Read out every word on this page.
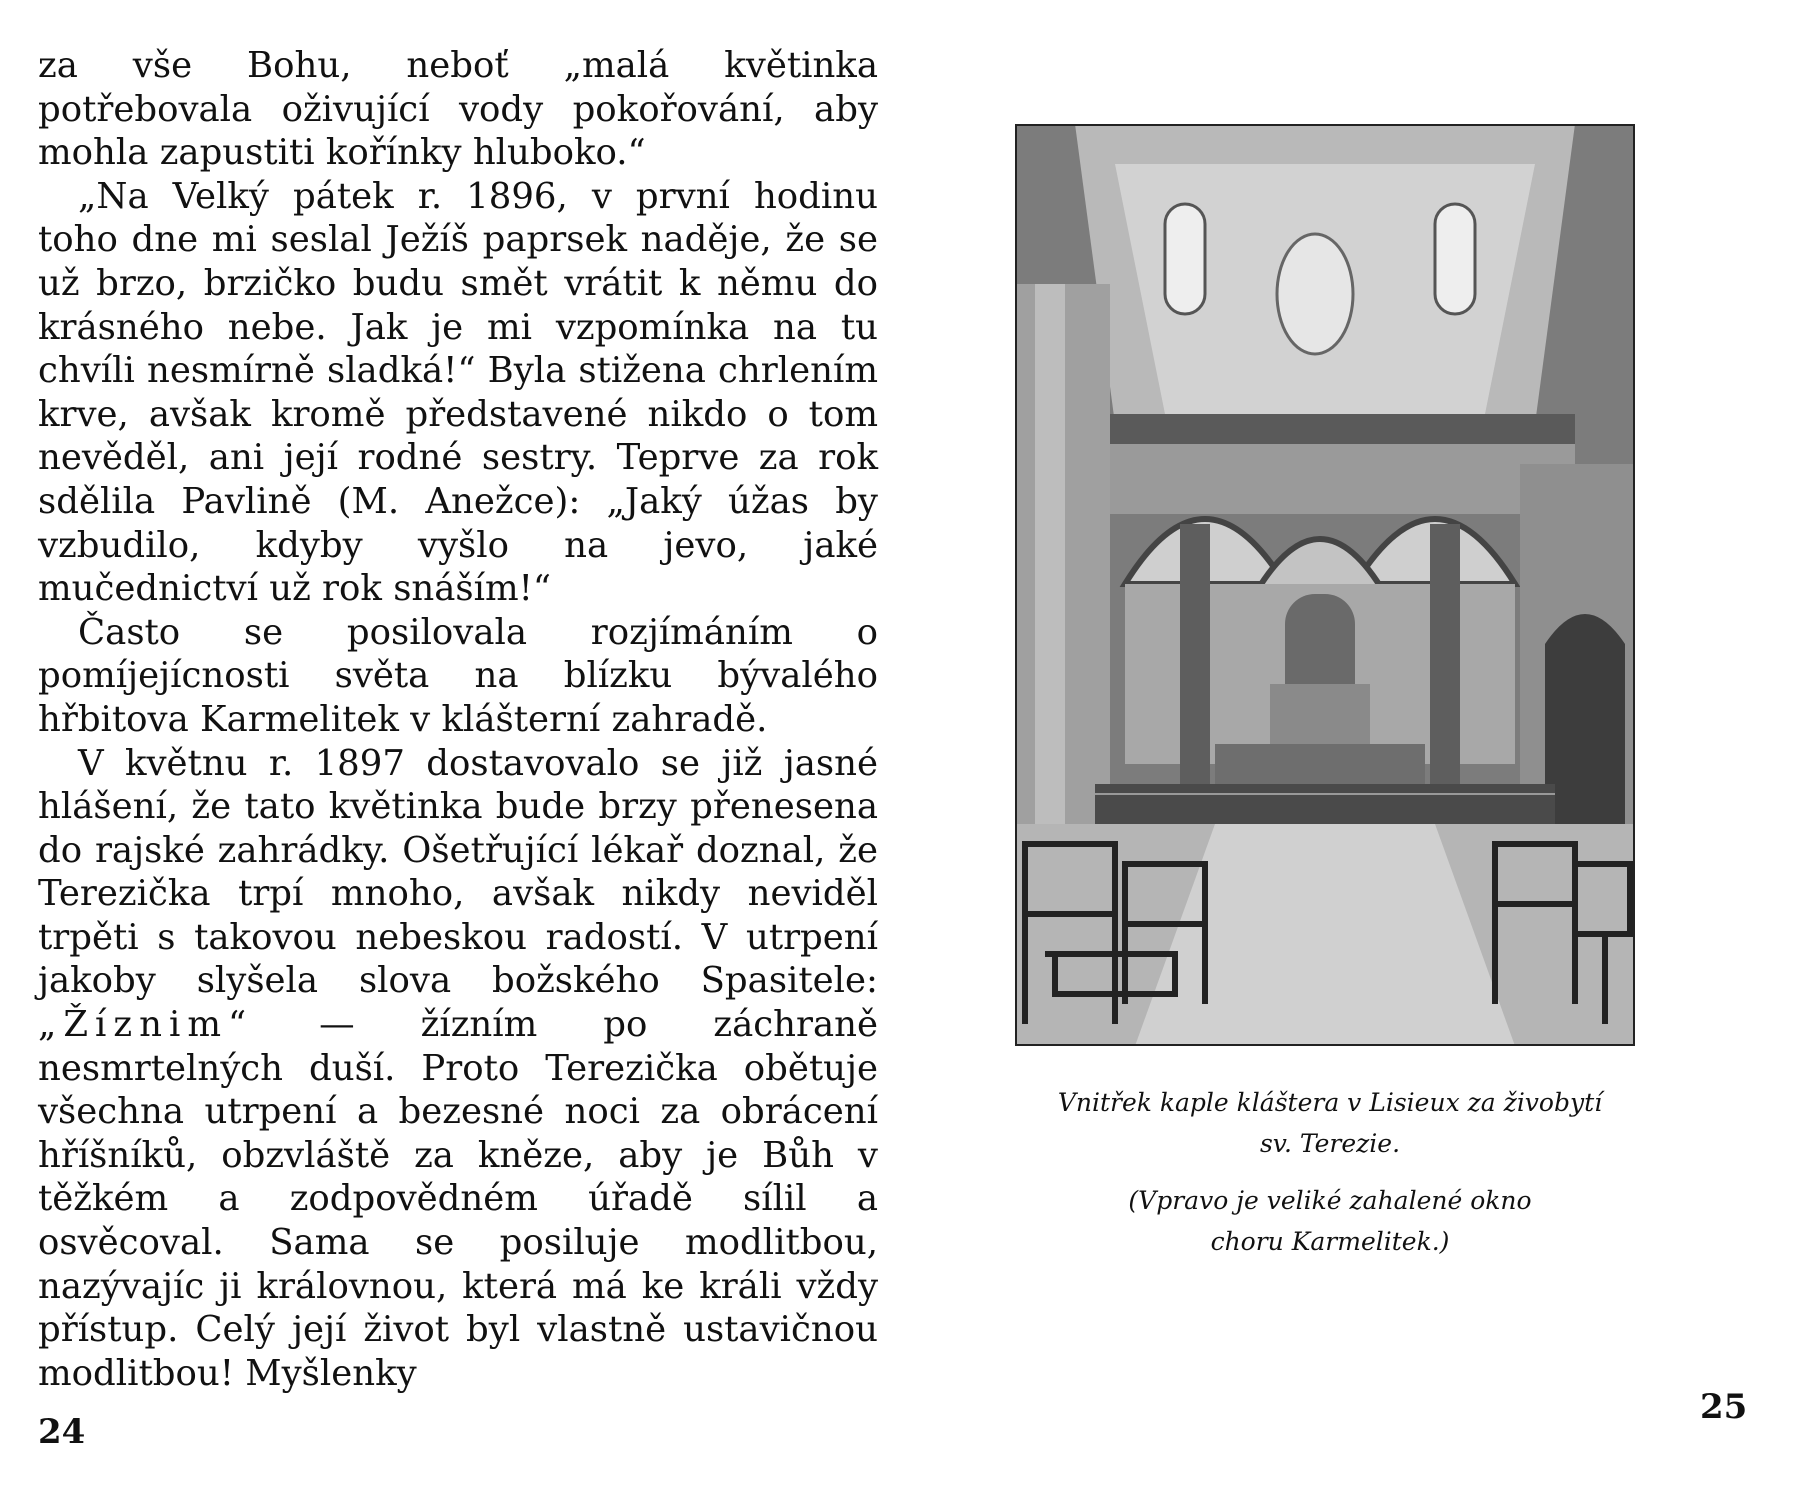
za vše Bohu, neboť „malá květinka potřebovala oživující vody pokořování, aby mohla zapustiti kořínky hluboko.“

„Na Velký pátek r. 1896, v první hodinu toho dne mi seslal Ježíš paprsek naděje, že se už brzo, brzičko budu smět vrátit k němu do krásného nebe. Jak je mi vzpomínka na tu chvíli nesmírně sladká!“ Byla stižena chrlením krve, avšak kromě představené nikdo o tom nevěděl, ani její rodné sestry. Teprve za rok sdělila Pavlině (M. Anežce): „Jaký úžas by vzbudilo, kdyby vyšlo na jevo, jaké mučednictví už rok snáším!“

Často se posilovala rozjímáním o pomíjejícnosti světa na blízku bývalého hřbitova Karmelitek v klášterní zahradě.

V květnu r. 1897 dostavovalo se již jasné hlášení, že tato květinka bude brzy přenesena do rajské zahrádky. Ošetřující lékař doznal, že Terezička trpí mnoho, avšak nikdy neviděl trpěti s takovou nebeskou radostí. V utrpení jakoby slyšela slova božského Spasitele: „Žíznim“ — žízním po záchraně nesmrtelných duší. Proto Terezička obětuje všechna utrpení a bezesné noci za obrácení hříšníků, obzvláště za kněze, aby je Bůh v těžkém a zodpovědném úřadě sílil a osvěcoval. Sama se posiluje modlitbou, nazývajíc ji královnou, která má ke králi vždy přístup. Celý její život byl vlastně ustavičnou modlitbou! Myšlenky

24

Vnitřek kaple kláštera v Lisieux za živobytí

sv. Terezie.

(Vpravo je veliké zahalené okno

choru Karmelitek.)

25
